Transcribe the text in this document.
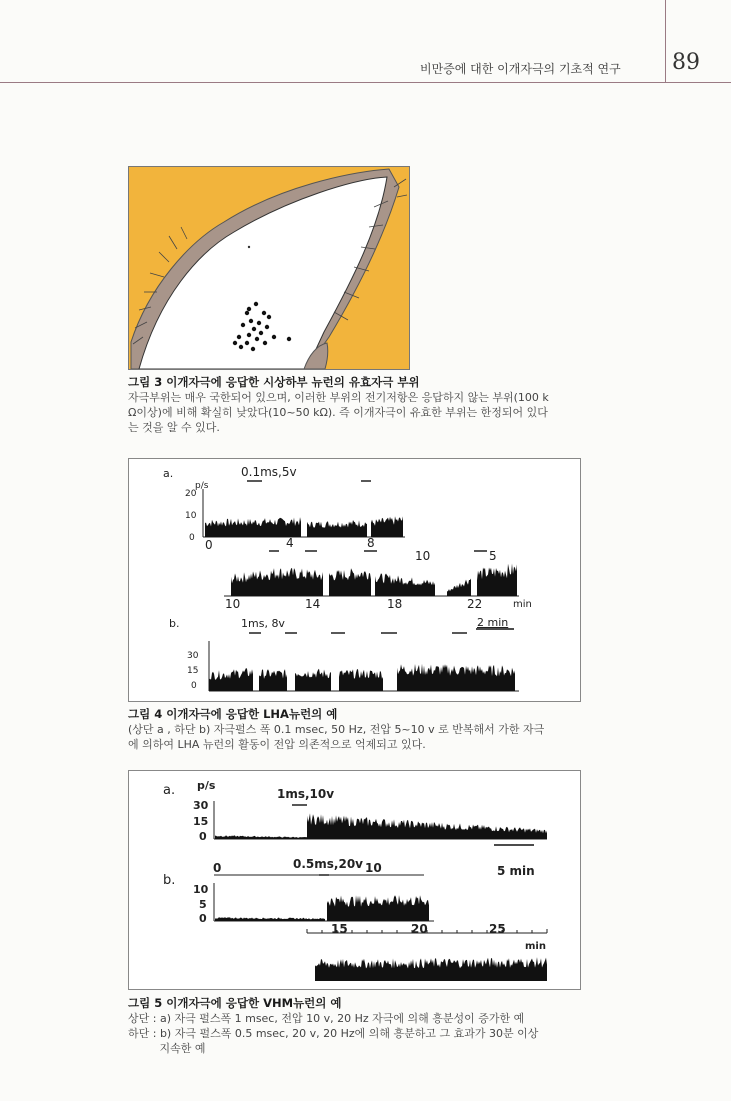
비만증에 대한 이개자극의 기초적 연구 89
그림 3 이개자극에 응답한 시상하부 뉴런의 유효자극 부위
자극부위는 매우 국한되어 있으며, 이러한 부위의 전기저항은 응답하지 않는 부위(100 k
Ω이상)에 비해 확실히 낮았다(10~50 kΩ). 즉 이개자극이 유효한 부위는 한정되어 있다
는 것을 알 수 있다.
a.	0.1ms,5v
p/s
20
10
0 0	4	8
10	5
10	14	18	22	min
b.	1ms, 8v	2 min
30
15
0
그림 4 이개자극에 응답한 LHA뉴런의 예
(상단 a , 하단 b) 자극펄스 폭 0.1 msec, 50 Hz, 전압 5~10 v 로 반복해서 가한 자극
에 의하여 LHA 뉴런의 활동이 전압 의존적으로 억제되고 있다.
a. p/s
1ms,10v
30
15
0
0	0.5ms,20v 10	5 min
b.
10
5
0
15	20	25
min
그림 5 이개자극에 응답한 VHM뉴런의 예
상단 : a) 자극 펄스폭 1 msec, 전압 10 v, 20 Hz 자극에 의해 흥분성이 증가한 예
하단 : b) 자극 펄스폭 0.5 msec, 20 v, 20 Hz에 의해 흥분하고 그 효과가 30분 이상
지속한 예
